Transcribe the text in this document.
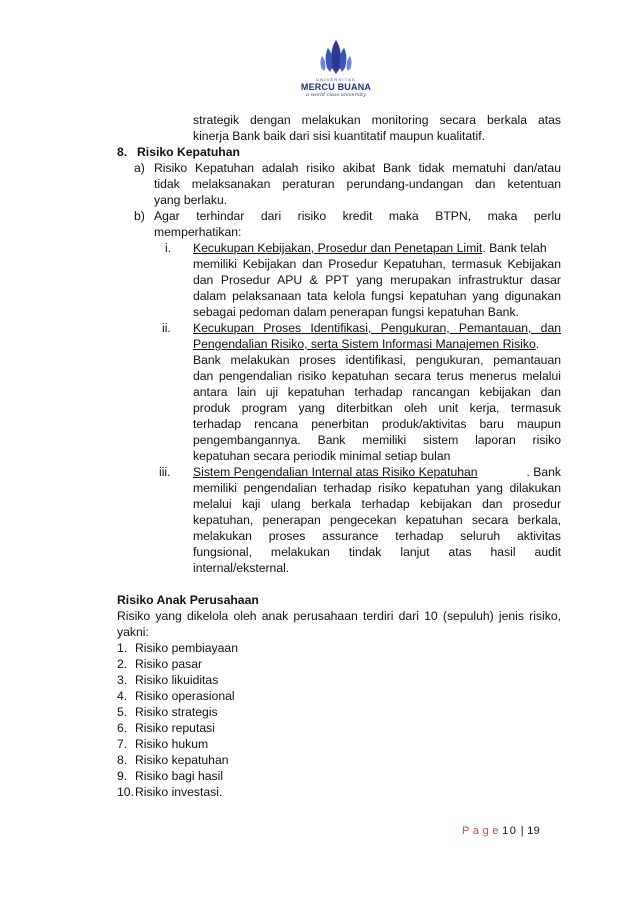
UNIVERSITAS
MERCU BUANA
a world class university
strategik dengan melakukan monitoring secara berkala atas
kinerja Bank baik dari sisi kuantitatif maupun kualitatif.
8. Risiko Kepatuhan
a) Risiko Kepatuhan adalah risiko akibat Bank tidak mematuhi dan/atau
tidak melaksanakan peraturan perundang-undangan dan ketentuan
yang berlaku.
b) Agar terhindar dari risiko kredit maka BTPN, maka perlu
memperhatikan:
i. Kecukupan Kebijakan, Prosedur dan Penetapan Limit. Bank telah
memiliki Kebijakan dan Prosedur Kepatuhan, termasuk Kebijakan
dan Prosedur APU & PPT yang merupakan infrastruktur dasar
dalam pelaksanaan tata kelola fungsi kepatuhan yang digunakan
sebagai pedoman dalam penerapan fungsi kepatuhan Bank.
ii. Kecukupan Proses Identifikasi, Pengukuran, Pemantauan, dan
Pengendalian Risiko, serta Sistem Informasi Manajemen Risiko.
Bank melakukan proses identifikasi, pengukuran, pemantauan
dan pengendalian risiko kepatuhan secara terus menerus melalui
antara lain uji kepatuhan terhadap rancangan kebijakan dan
produk program yang diterbitkan oleh unit kerja, termasuk
terhadap rencana penerbitan produk/aktivitas baru maupun
pengembangannya. Bank memiliki sistem laporan risiko
kepatuhan secara periodik minimal setiap bulan
iii. Sistem Pengendalian Internal atas Risiko Kepatuhan	. Bank
memiliki pengendalian terhadap risiko kepatuhan yang dilakukan
melalui kaji ulang berkala terhadap kebijakan dan prosedur
kepatuhan, penerapan pengecekan kepatuhan secara berkala,
melakukan proses assurance terhadap seluruh aktivitas
fungsional, melakukan tindak lanjut atas hasil audit
internal/eksternal.
Risiko Anak Perusahaan
Risiko yang dikelola oleh anak perusahaan terdiri dari 10 (sepuluh) jenis risiko,
yakni:
1. Risiko pembiayaan
2. Risiko pasar
3. Risiko likuiditas
4. Risiko operasional
5. Risiko strategis
6. Risiko reputasi
7. Risiko hukum
8. Risiko kepatuhan
9. Risiko bagi hasil
10. Risiko investasi.
P a g e 10 | 19
